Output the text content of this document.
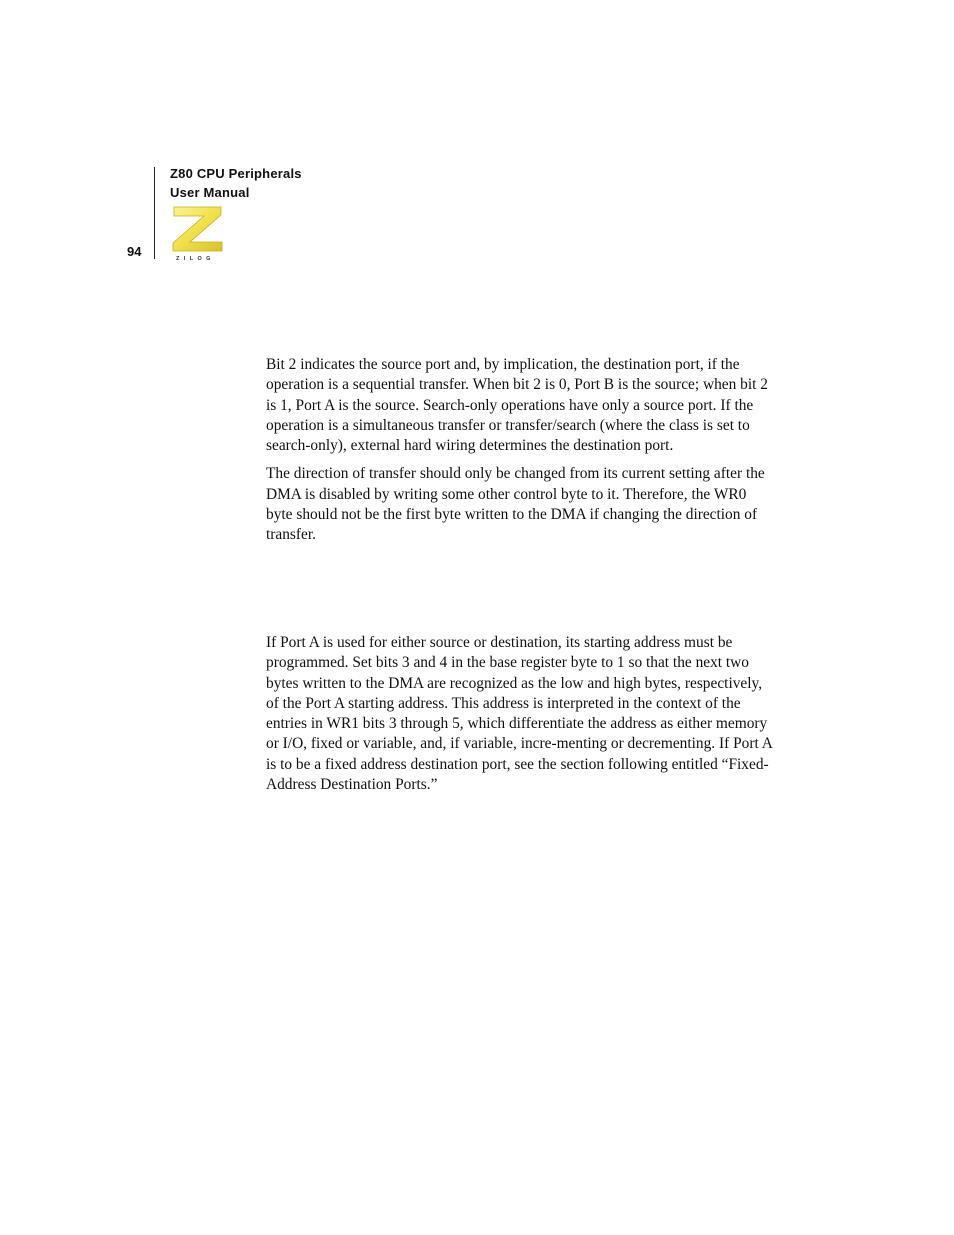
Z80 CPU Peripherals
User Manual
94	ZILOG

Bit 2 indicates the source port and, by implication, the destination port, if the operation is a sequential transfer. When bit 2 is 0, Port B is the source; when bit 2 is 1, Port A is the source. Search-only operations have only a source port. If the operation is a simultaneous transfer or transfer/search (where the class is set to search-only), external hard wiring determines the destination port.

The direction of transfer should only be changed from its current setting after the DMA is disabled by writing some other control byte to it. Therefore, the WR0 byte should not be the first byte written to the DMA if changing the direction of transfer.

If Port A is used for either source or destination, its starting address must be programmed. Set bits 3 and 4 in the base register byte to 1 so that the next two bytes written to the DMA are recognized as the low and high bytes, respectively, of the Port A starting address. This address is interpreted in the context of the entries in WR1 bits 3 through 5, which differentiate the address as either memory or I/O, fixed or variable, and, if variable, incre-menting or decrementing. If Port A is to be a fixed address destination port, see the section following entitled “Fixed-Address Destination Ports.”
